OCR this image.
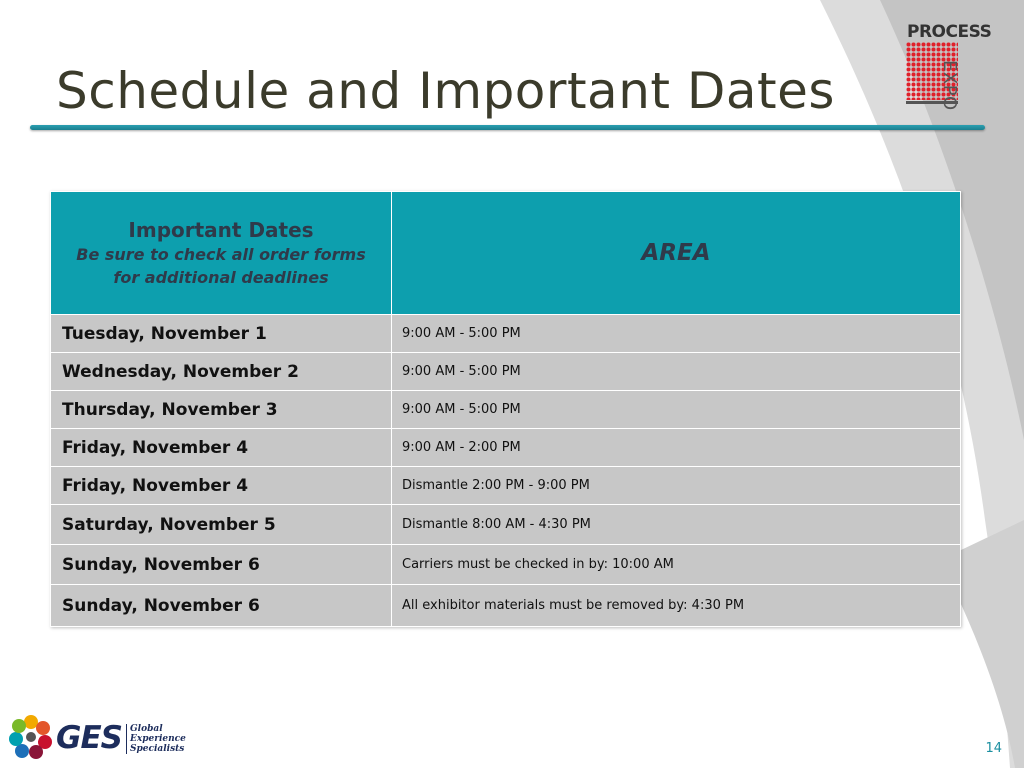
Schedule and Important Dates
PROCESS
EXPO
Important Dates
Be sure to check all order forms
for additional deadlines	AREA
Tuesday, November 1	9:00 AM - 5:00 PM
Wednesday, November 2	9:00 AM - 5:00 PM
Thursday, November 3	9:00 AM - 5:00 PM
Friday, November 4	9:00 AM - 2:00 PM
Friday, November 4	Dismantle 2:00 PM - 9:00 PM
Saturday, November 5	Dismantle 8:00 AM - 4:30 PM
Sunday, November 6	Carriers must be checked in by: 10:00 AM
Sunday, November 6	All exhibitor materials must be removed by: 4:30 PM
GES Global
Experience
Specialists	14
